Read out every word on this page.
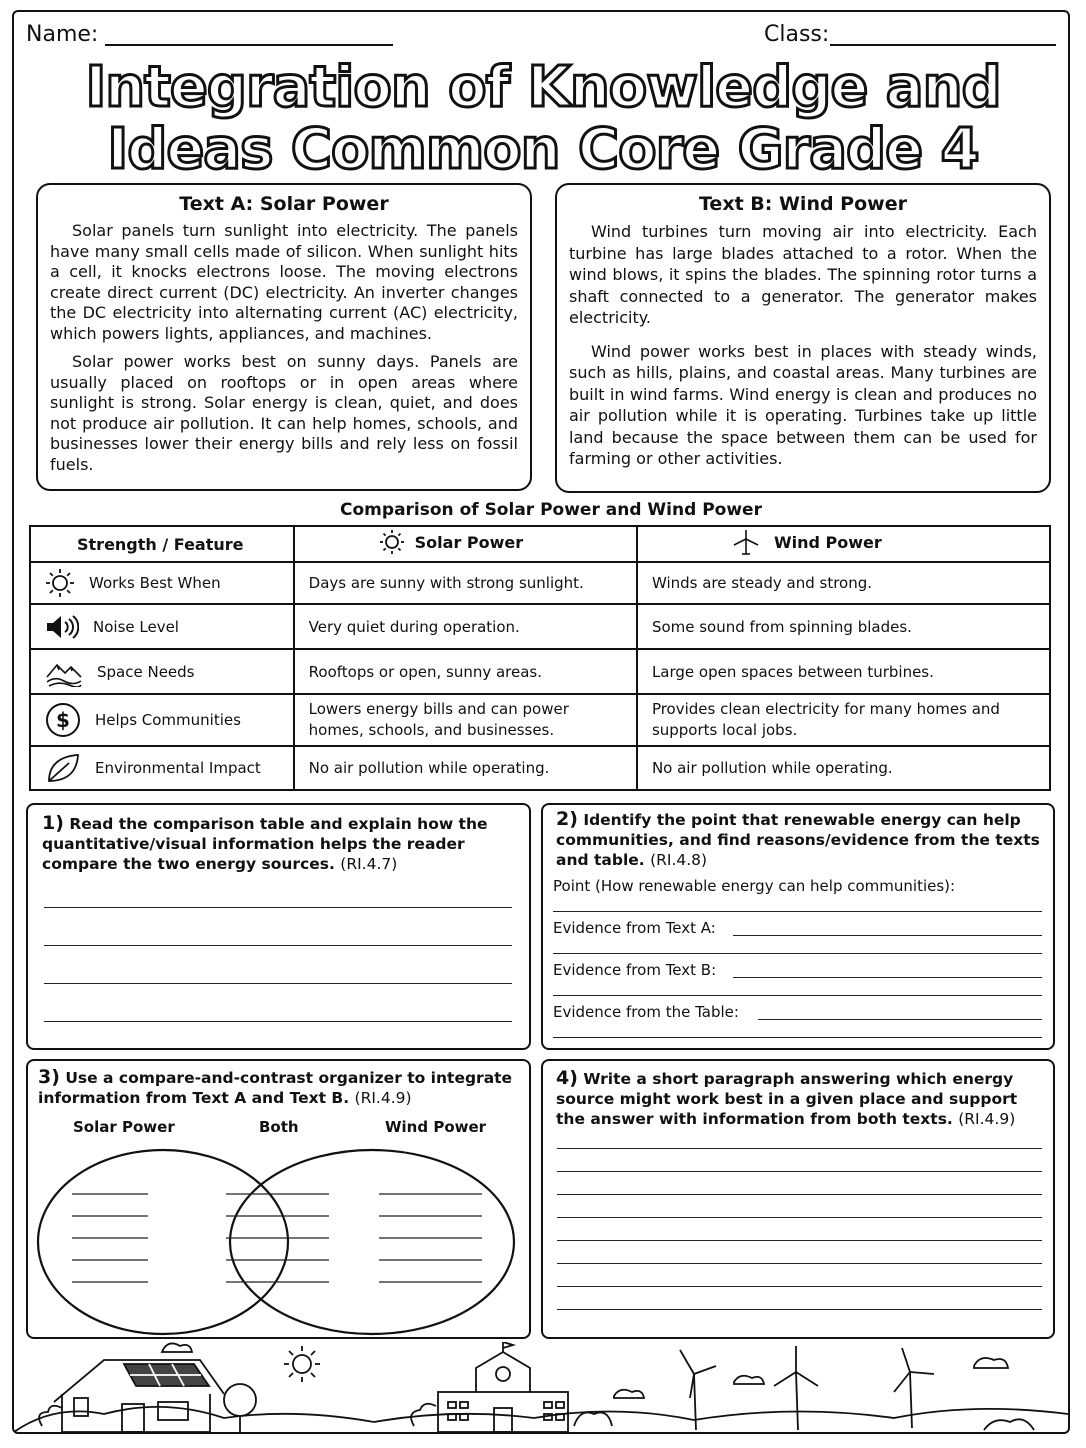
Name:	Class:
Integration of Knowledge and
Ideas Common Core Grade 4
Text A: Solar Power

Solar panels turn sunlight into electricity. The panels have many small cells made of silicon. When sunlight hits a cell, it knocks electrons loose. The moving electrons create direct current (DC) electricity. An inverter changes the DC electricity into alternating current (AC) electricity, which powers lights, appliances, and machines.

Solar power works best on sunny days. Panels are usually placed on rooftops or in open areas where sunlight is strong. Solar energy is clean, quiet, and does not produce air pollution. It can help homes, schools, and businesses lower their energy bills and rely less on fossil fuels.

Text B: Wind Power

Wind turbines turn moving air into electricity. Each turbine has large blades attached to a rotor. When the wind blows, it spins the blades. The spinning rotor turns a shaft connected to a generator. The generator makes electricity.

Wind power works best in places with steady winds, such as hills, plains, and coastal areas. Many turbines are built in wind farms. Wind energy is clean and produces no air pollution while it is operating. Turbines take up little land because the space between them can be used for farming or other activities.

Comparison of Solar Power and Wind Power
Strength / Feature	Solar Power	Wind Power

Works Best When	Days are sunny with strong sunlight.	Winds are steady and strong.

Noise Level	Very quiet during operation.	Some sound from spinning blades.

Space Needs	Rooftops or open, sunny areas.	Large open spaces between turbines.

$ Helps Communities	Lowers energy bills and can power homes, schools, and businesses.	Provides clean electricity for many homes and supports local jobs.

Environmental Impact	No air pollution while operating.	No air pollution while operating.
1) Read the comparison table and explain how the quantitative/visual information helps the reader compare the two energy sources. (RI.4.7)
2) Identify the point that renewable energy can help communities, and find reasons/evidence from the texts and table. (RI.4.8)
Point (How renewable energy can help communities):
Evidence from Text A:
Evidence from Text B:
Evidence from the Table:
3) Use a compare-and-contrast organizer to integrate information from Text A and Text B. (RI.4.9)
Solar Power	Both	Wind Power
4) Write a short paragraph answering which energy source might work best in a given place and support the answer with information from both texts. (RI.4.9)
